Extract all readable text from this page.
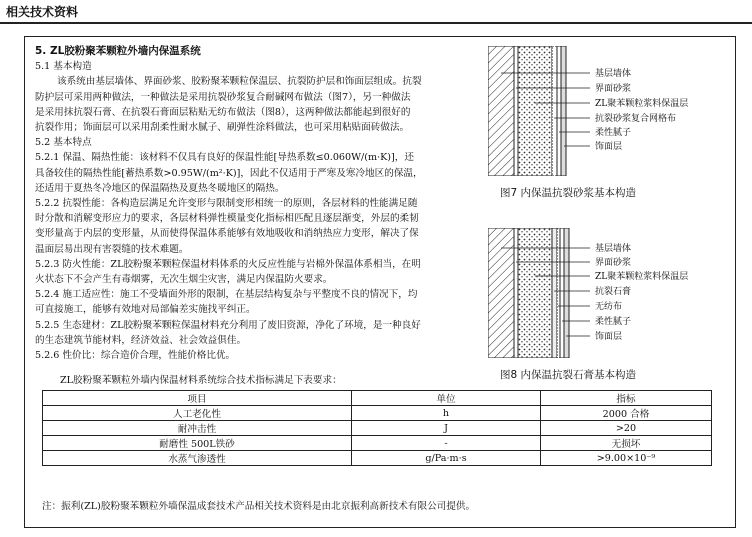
相关技术资料

5. ZL胶粉聚苯颗粒外墙内保温系统

5.1 基本构造

该系统由基层墙体、界面砂浆、胶粉聚苯颗粒保温层、抗裂防护层和饰面层组成。抗裂

防护层可采用两种做法，一种做法是采用抗裂砂浆复合耐碱网布做法（图7），另一种做法

是采用抹抗裂石膏、在抗裂石膏面层粘贴无纺布做法（图8），这两种做法都能起到很好的

抗裂作用；饰面层可以采用刮柔性耐水腻子、刷弹性涂料做法，也可采用粘贴面砖做法。

5.2 基本特点

5.2.1 保温、隔热性能：该材料不仅具有良好的保温性能[导热系数≤0.060W/(m·K)]，还

具备较佳的隔热性能[蓄热系数>0.95W/(m²·K)]，因此不仅适用于严寒及寒冷地区的保温，

还适用于夏热冬冷地区的保温隔热及夏热冬暖地区的隔热。

5.2.2 抗裂性能：各构造层满足允许变形与限制变形相统一的原则，各层材料的性能满足随

时分散和消解变形应力的要求，各层材料弹性模量变化指标相匹配且逐层渐变，外层的柔韧

变形量高于内层的变形量，从而使得保温体系能够有效地吸收和消纳热应力变形，解决了保

温面层易出现有害裂缝的技术难题。

5.2.3 防火性能：ZL胶粉聚苯颗粒保温材料体系的火反应性能与岩棉外保温体系相当，在明

火状态下不会产生有毒烟雾，无次生烟尘灾害，满足内保温防火要求。

5.2.4 施工适应性：施工不受墙面外形的限制，在基层结构复杂与平整度不良的情况下，均

可直接施工，能够有效地对局部偏差实施找平纠正。

5.2.5 生态建材：ZL胶粉聚苯颗粒保温材料充分利用了废旧资源，净化了环境，是一种良好

的生态建筑节能材料，经济效益、社会效益俱佳。

5.2.6 性价比：综合造价合理，性能价格比优。

基层墙体
界面砂浆
ZL聚苯颗粒浆料保温层
抗裂砂浆复合网格布
柔性腻子
饰面层
图7 内保温抗裂砂浆基本构造
基层墙体
界面砂浆
ZL聚苯颗粒浆料保温层
抗裂石膏
无纺布
柔性腻子
饰面层
图8 内保温抗裂石膏基本构造
ZL胶粉聚苯颗粒外墙内保温材料系统综合技术指标满足下表要求：
项目	单位	指标
人工老化性	h	2000 合格
耐冲击性	J	>20
耐磨性 500L铁砂	-	无损坏
水蒸气渗透性	g/Pa·m·s	>9.00×10⁻⁹
注：振利(ZL)胶粉聚苯颗粒外墙保温成套技术产品相关技术资料是由北京振利高新技术有限公司提供。
